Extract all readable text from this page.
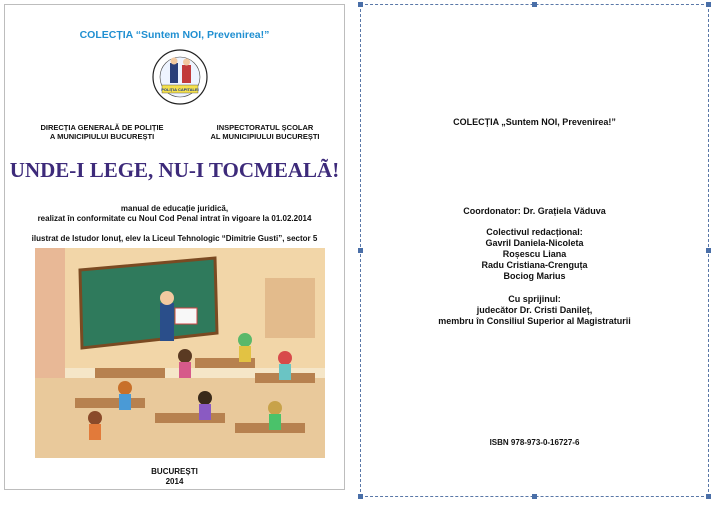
COLECȚIA “Suntem NOI, Prevenirea!”
POLIȚIA CAPITALEI
DIRECȚIA GENERALĂ DE POLIȚIE
A MUNICIPIULUI BUCUREȘTI
INSPECTORATUL ȘCOLAR
AL MUNICIPIULUI BUCUREȘTI
UNDE-I LEGE, NU-I TOCMEALÃ!
manual de educație juridică,
realizat în conformitate cu Noul Cod Penal intrat în vigoare la 01.02.2014
ilustrat de Istudor Ionuț, elev la Liceul Tehnologic “Dimitrie Gusti”, sector 5
BUCUREȘTI
2014
COLECȚIA „Suntem NOI, Prevenirea!”
Coordonator: Dr. Grațiela Văduva
Colectivul redacțional:
Gavril Daniela-Nicoleta
Roșescu Liana
Radu Cristiana-Crenguța
Bociog Marius
Cu sprijinul:
judecător Dr. Cristi Danileț,
membru în Consiliul Superior al Magistraturii
ISBN 978-973-0-16727-6
